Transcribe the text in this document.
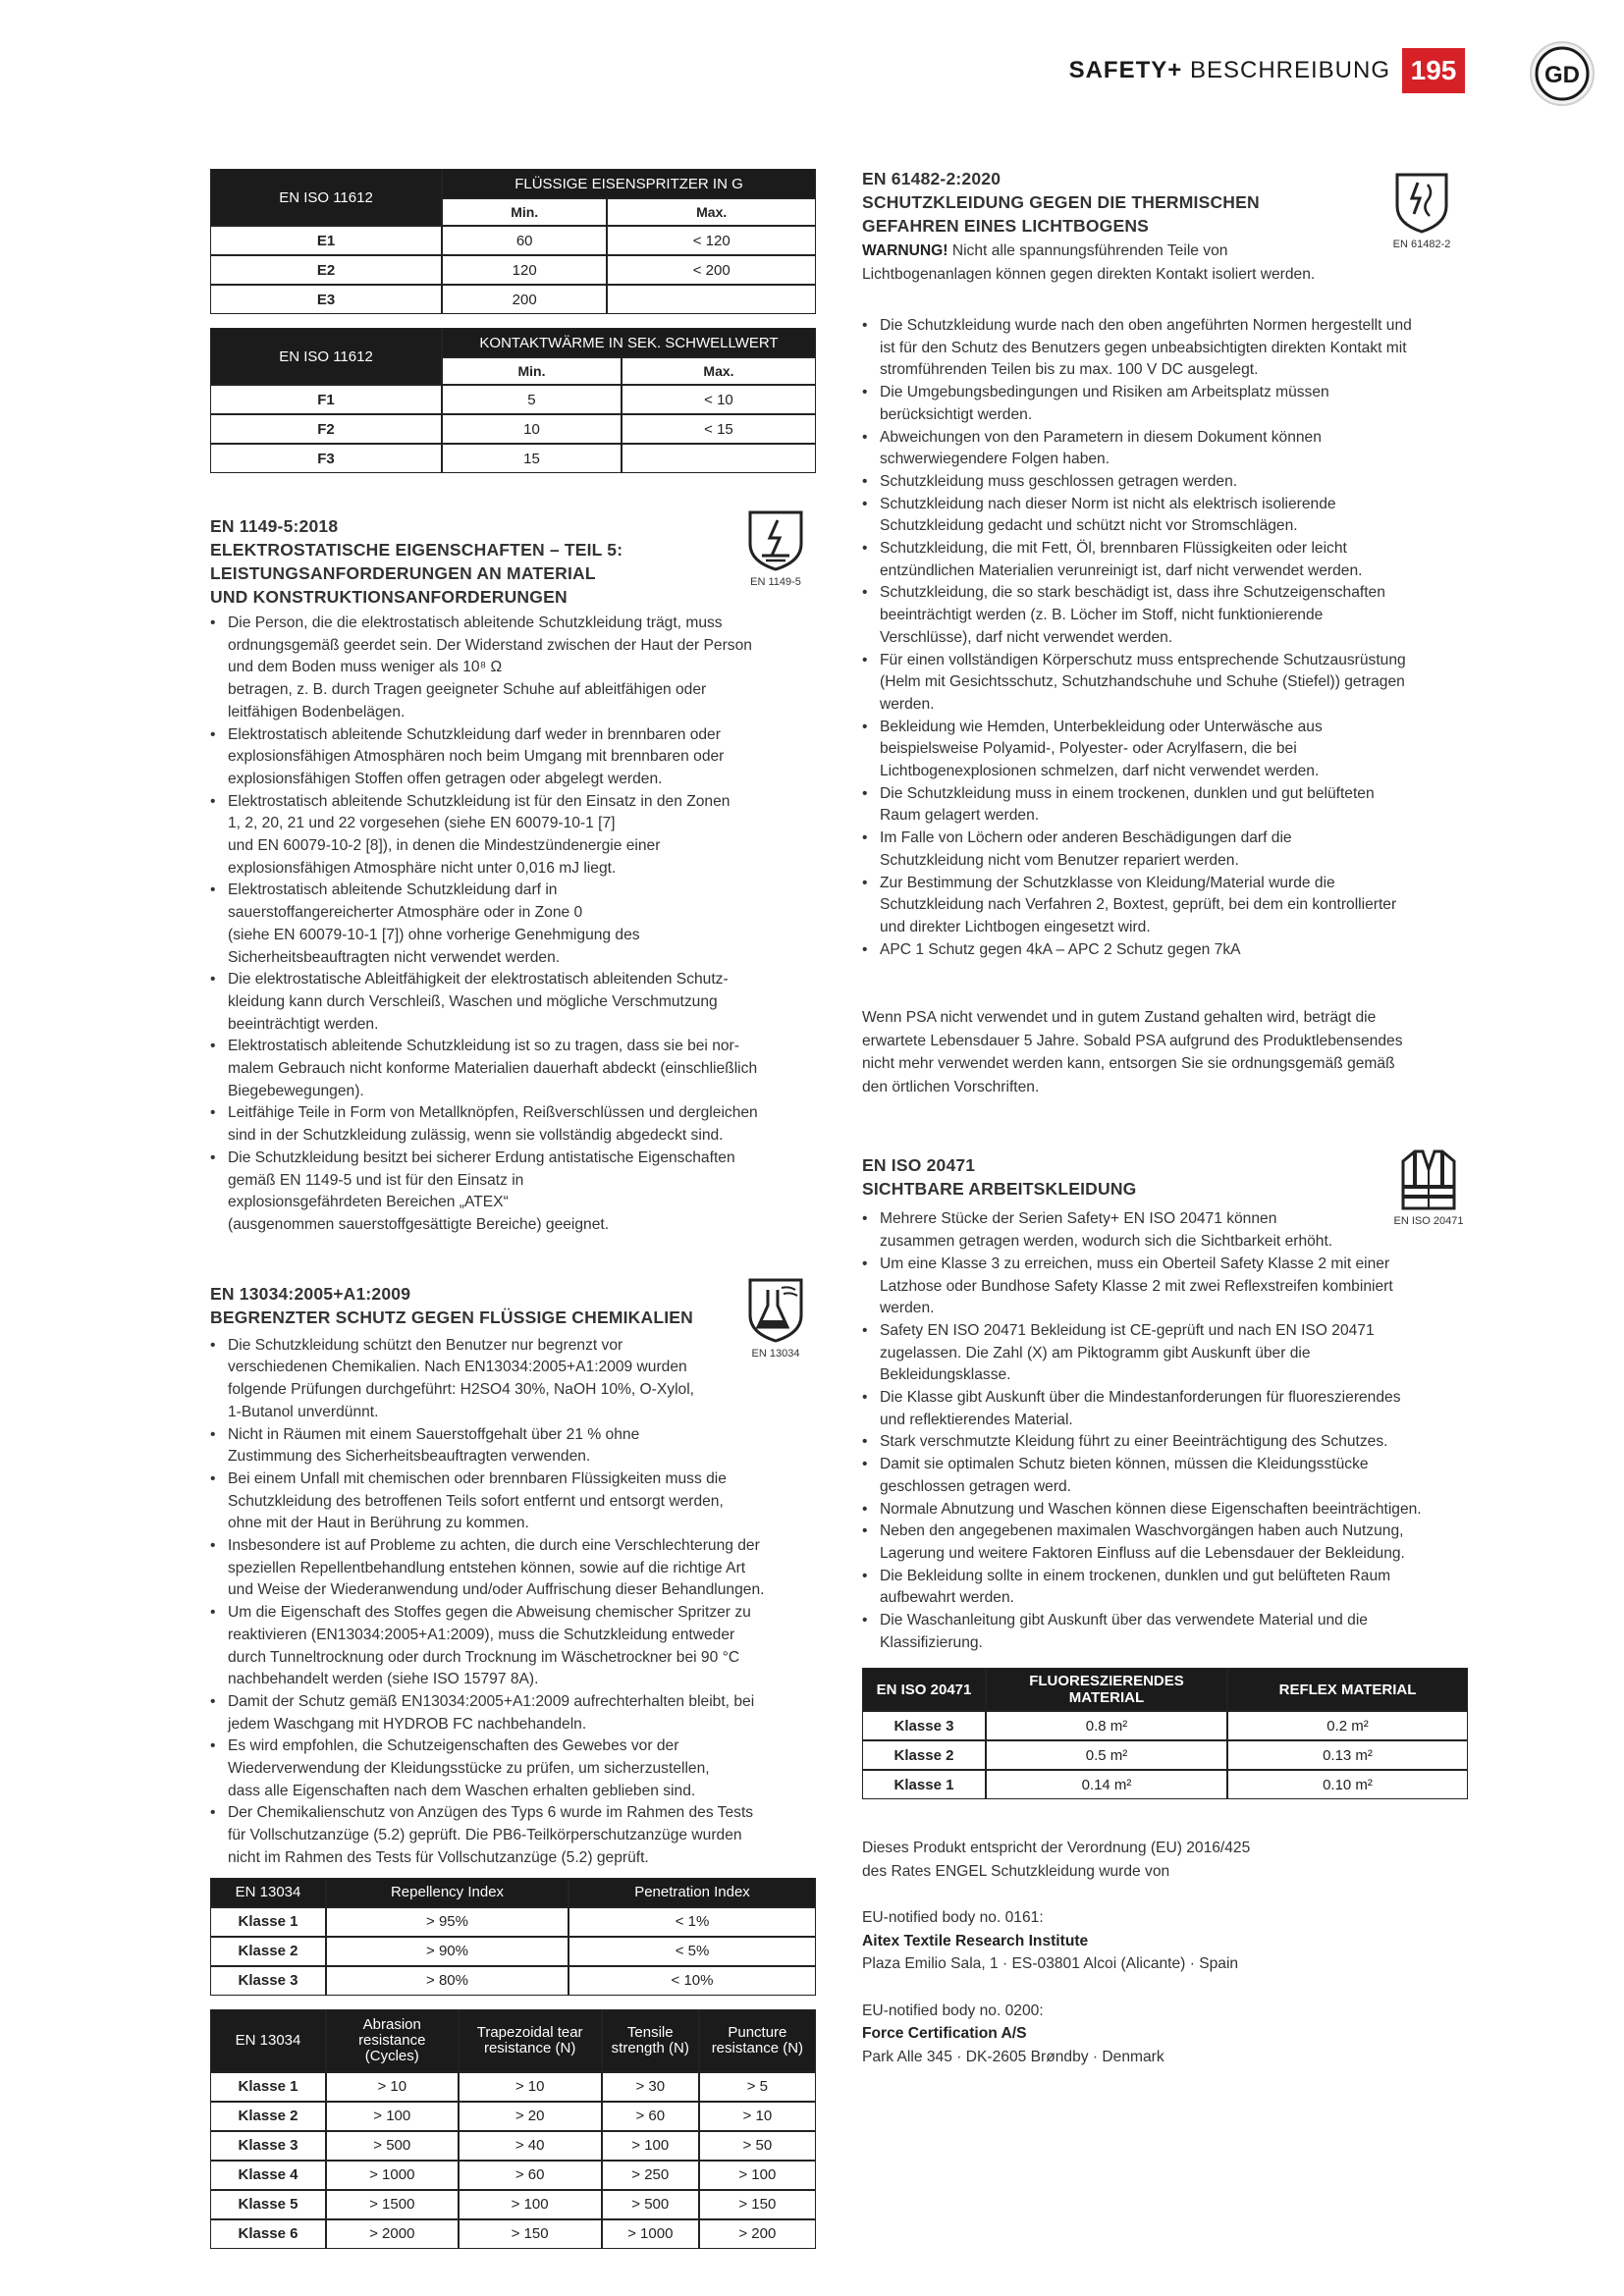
SAFETY+ BESCHREIBUNG 195	GD
EN ISO 11612	FLÜSSIGE EISENSPRITZER IN G	
	Min.	Max.
E1	60	< 120
E2	120	< 200
E3	200	
EN ISO 11612	KONTAKTWÄRME IN SEK. SCHWELLWERT	
	Min.	Max.
F1	5	< 10
F2	10	< 15
F3	15	
EN 1149-5:2018
ELEKTROSTATISCHE EIGENSCHAFTEN – TEIL 5:
LEISTUNGSANFORDERUNGEN AN MATERIAL
UND KONSTRUKTIONSANFORDERUNGEN
EN 1149-5
• Die Person, die die elektrostatisch ableitende Schutzkleidung trägt, muss
ordnungsgemäß geerdet sein. Der Widerstand zwischen der Haut der Person
und dem Boden muss weniger als 10⁸ Ω
betragen, z. B. durch Tragen geeigneter Schuhe auf ableitfähigen oder
leitfähigen Bodenbelägen.
• Elektrostatisch ableitende Schutzkleidung darf weder in brennbaren oder
explosionsfähigen Atmosphären noch beim Umgang mit brennbaren oder
explosionsfähigen Stoffen offen getragen oder abgelegt werden.
• Elektrostatisch ableitende Schutzkleidung ist für den Einsatz in den Zonen
1, 2, 20, 21 und 22 vorgesehen (siehe EN 60079-10-1 [7]
und EN 60079-10-2 [8]), in denen die Mindestzündenergie einer
explosionsfähigen Atmosphäre nicht unter 0,016 mJ liegt.
• Elektrostatisch ableitende Schutzkleidung darf in
sauerstoffangereicherter Atmosphäre oder in Zone 0
(siehe EN 60079-10-1 [7]) ohne vorherige Genehmigung des
Sicherheitsbeauftragten nicht verwendet werden.
• Die elektrostatische Ableitfähigkeit der elektrostatisch ableitenden Schutz-
kleidung kann durch Verschleiß, Waschen und mögliche Verschmutzung
beeinträchtigt werden.
• Elektrostatisch ableitende Schutzkleidung ist so zu tragen, dass sie bei nor-
malem Gebrauch nicht konforme Materialien dauerhaft abdeckt (einschließlich
Biegebewegungen).
• Leitfähige Teile in Form von Metallknöpfen, Reißverschlüssen und dergleichen
sind in der Schutzkleidung zulässig, wenn sie vollständig abgedeckt sind.
• Die Schutzkleidung besitzt bei sicherer Erdung antistatische Eigenschaften
gemäß EN 1149-5 und ist für den Einsatz in
explosionsgefährdeten Bereichen „ATEX“
(ausgenommen sauerstoffgesättigte Bereiche) geeignet.
EN 13034:2005+A1:2009
BEGRENZTER SCHUTZ GEGEN FLÜSSIGE CHEMIKALIEN
EN 13034
• Die Schutzkleidung schützt den Benutzer nur begrenzt vor
verschiedenen Chemikalien. Nach EN13034:2005+A1:2009 wurden
folgende Prüfungen durchgeführt: H2SO4 30%, NaOH 10%, O-Xylol,
1-Butanol unverdünnt.
• Nicht in Räumen mit einem Sauerstoffgehalt über 21 % ohne
Zustimmung des Sicherheitsbeauftragten verwenden.
• Bei einem Unfall mit chemischen oder brennbaren Flüssigkeiten muss die
Schutzkleidung des betroffenen Teils sofort entfernt und entsorgt werden,
ohne mit der Haut in Berührung zu kommen.
• Insbesondere ist auf Probleme zu achten, die durch eine Verschlechterung der
speziellen Repellentbehandlung entstehen können, sowie auf die richtige Art
und Weise der Wiederanwendung und/oder Auffrischung dieser Behandlungen.
• Um die Eigenschaft des Stoffes gegen die Abweisung chemischer Spritzer zu
reaktivieren (EN13034:2005+A1:2009), muss die Schutzkleidung entweder
durch Tunneltrocknung oder durch Trocknung im Wäschetrockner bei 90 °C
nachbehandelt werden (siehe ISO 15797 8A).
• Damit der Schutz gemäß EN13034:2005+A1:2009 aufrechterhalten bleibt, bei
jedem Waschgang mit HYDROB FC nachbehandeln.
• Es wird empfohlen, die Schutzeigenschaften des Gewebes vor der
Wiederverwendung der Kleidungsstücke zu prüfen, um sicherzustellen,
dass alle Eigenschaften nach dem Waschen erhalten geblieben sind.
• Der Chemikalienschutz von Anzügen des Typs 6 wurde im Rahmen des Tests
für Vollschutzanzüge (5.2) geprüft. Die PB6-Teilkörperschutzanzüge wurden
nicht im Rahmen des Tests für Vollschutzanzüge (5.2) geprüft.
EN 13034	Repellency Index	Penetration Index
Klasse 1	> 95%	< 1%
Klasse 2	> 90%	< 5%
Klasse 3	> 80%	< 10%
EN 13034	Abrasion resistance (Cycles)	Trapezoidal tear resistance (N)	Tensile strength (N)	Puncture resistance (N)
Klasse 1	> 10	> 10	> 30	> 5
Klasse 2	> 100	> 20	> 60	> 10
Klasse 3	> 500	> 40	> 100	> 50
Klasse 4	> 1000	> 60	> 250	> 100
Klasse 5	> 1500	> 100	> 500	> 150
Klasse 6	> 2000	> 150	> 1000	> 200
EN 61482-2:2020
SCHUTZKLEIDUNG GEGEN DIE THERMISCHEN
GEFAHREN EINES LICHTBOGENS
EN 61482-2

WARNUNG! Nicht alle spannungsführenden Teile von
Lichtbogenanlagen können gegen direkten Kontakt isoliert werden.

• Die Schutzkleidung wurde nach den oben angeführten Normen hergestellt und
ist für den Schutz des Benutzers gegen unbeabsichtigten direkten Kontakt mit
stromführenden Teilen bis zu max. 100 V DC ausgelegt.
• Die Umgebungsbedingungen und Risiken am Arbeitsplatz müssen
berücksichtigt werden.
• Abweichungen von den Parametern in diesem Dokument können
schwerwiegendere Folgen haben.
• Schutzkleidung muss geschlossen getragen werden.
• Schutzkleidung nach dieser Norm ist nicht als elektrisch isolierende
Schutzkleidung gedacht und schützt nicht vor Stromschlägen.
• Schutzkleidung, die mit Fett, Öl, brennbaren Flüssigkeiten oder leicht
entzündlichen Materialien verunreinigt ist, darf nicht verwendet werden.
• Schutzkleidung, die so stark beschädigt ist, dass ihre Schutzeigenschaften
beeinträchtigt werden (z. B. Löcher im Stoff, nicht funktionierende
Verschlüsse), darf nicht verwendet werden.
• Für einen vollständigen Körperschutz muss entsprechende Schutzausrüstung
(Helm mit Gesichtsschutz, Schutzhandschuhe und Schuhe (Stiefel)) getragen
werden.
• Bekleidung wie Hemden, Unterbekleidung oder Unterwäsche aus
beispielsweise Polyamid-, Polyester- oder Acrylfasern, die bei
Lichtbogenexplosionen schmelzen, darf nicht verwendet werden.
• Die Schutzkleidung muss in einem trockenen, dunklen und gut belüfteten
Raum gelagert werden.
• Im Falle von Löchern oder anderen Beschädigungen darf die
Schutzkleidung nicht vom Benutzer repariert werden.
• Zur Bestimmung der Schutzklasse von Kleidung/Material wurde die
Schutzkleidung nach Verfahren 2, Boxtest, geprüft, bei dem ein kontrollierter
und direkter Lichtbogen eingesetzt wird.
• APC 1 Schutz gegen 4kA – APC 2 Schutz gegen 7kA

Wenn PSA nicht verwendet und in gutem Zustand gehalten wird, beträgt die
erwartete Lebensdauer 5 Jahre. Sobald PSA aufgrund des Produktlebensendes
nicht mehr verwendet werden kann, entsorgen Sie sie ordnungsgemäß gemäß
den örtlichen Vorschriften.

EN ISO 20471
SICHTBARE ARBEITSKLEIDUNG
EN ISO 20471
• Mehrere Stücke der Serien Safety+ EN ISO 20471 können
zusammen getragen werden, wodurch sich die Sichtbarkeit erhöht.
• Um eine Klasse 3 zu erreichen, muss ein Oberteil Safety Klasse 2 mit einer
Latzhose oder Bundhose Safety Klasse 2 mit zwei Reflexstreifen kombiniert
werden.
• Safety EN ISO 20471 Bekleidung ist CE-geprüft und nach EN ISO 20471
zugelassen. Die Zahl (X) am Piktogramm gibt Auskunft über die
Bekleidungsklasse.
• Die Klasse gibt Auskunft über die Mindestanforderungen für fluoreszierendes
und reflektierendes Material.
• Stark verschmutzte Kleidung führt zu einer Beeinträchtigung des Schutzes.
• Damit sie optimalen Schutz bieten können, müssen die Kleidungsstücke
geschlossen getragen werd.
• Normale Abnutzung und Waschen können diese Eigenschaften beeinträchtigen.
• Neben den angegebenen maximalen Waschvorgängen haben auch Nutzung,
Lagerung und weitere Faktoren Einfluss auf die Lebensdauer der Bekleidung.
• Die Bekleidung sollte in einem trockenen, dunklen und gut belüfteten Raum
aufbewahrt werden.
• Die Waschanleitung gibt Auskunft über das verwendete Material und die
Klassifizierung.
EN ISO 20471	FLUORESZIERENDES MATERIAL	REFLEX MATERIAL
Klasse 3	0.8 m²	0.2 m²
Klasse 2	0.5 m²	0.13 m²
Klasse 1	0.14 m²	0.10 m²

Dieses Produkt entspricht der Verordnung (EU) 2016/425
des Rates ENGEL Schutzkleidung wurde von

EU-notified body no. 0161:
Aitex Textile Research Institute
Plaza Emilio Sala, 1 · ES-03801 Alcoi (Alicante) · Spain

EU-notified body no. 0200:
Force Certification A/S
Park Alle 345 · DK-2605 Brøndby · Denmark
